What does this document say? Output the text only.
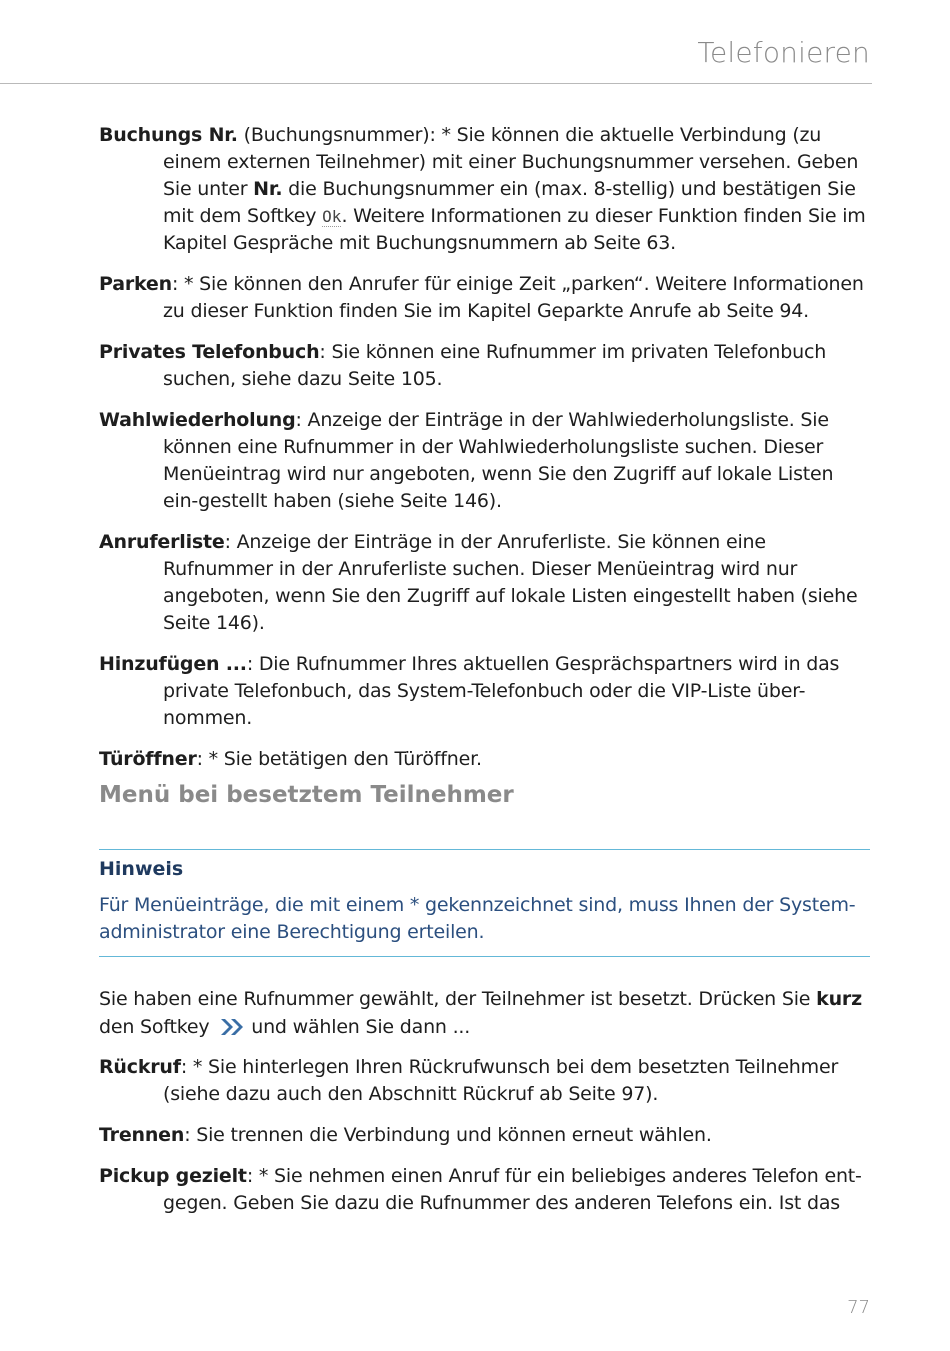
Telefonieren

Buchungs Nr. (Buchungsnummer): * Sie können die aktuelle Verbindung (zu einem externen Teilnehmer) mit einer Buchungsnummer versehen. Geben Sie unter Nr. die Buchungsnummer ein (max. 8-stellig) und bestätigen Sie mit dem Softkey Ok. Weitere Informationen zu dieser Funktion finden Sie im Kapitel Gespräche mit Buchungsnummern ab Seite 63.

Parken: * Sie können den Anrufer für einige Zeit „parken“. Weitere Informationen zu dieser Funktion finden Sie im Kapitel Geparkte Anrufe ab Seite 94.

Privates Telefonbuch: Sie können eine Rufnummer im privaten Telefonbuch suchen, siehe dazu Seite 105.

Wahlwiederholung: Anzeige der Einträge in der Wahlwiederholungsliste. Sie können eine Rufnummer in der Wahlwiederholungsliste suchen. Dieser Menüeintrag wird nur angeboten, wenn Sie den Zugriff auf lokale Listen ein-gestellt haben (siehe Seite 146).

Anruferliste: Anzeige der Einträge in der Anruferliste. Sie können eine Rufnummer in der Anruferliste suchen. Dieser Menüeintrag wird nur angeboten, wenn Sie den Zugriff auf lokale Listen eingestellt haben (siehe Seite 146).

Hinzufügen ...: Die Rufnummer Ihres aktuellen Gesprächspartners wird in das private Telefonbuch, das System-Telefonbuch oder die VIP-Liste über-nommen.

Türöffner: * Sie betätigen den Türöffner.

Menü bei besetztem Teilnehmer
Hinweis

Für Menüeinträge, die mit einem * gekennzeichnet sind, muss Ihnen der System-administrator eine Berechtigung erteilen.

Sie haben eine Rufnummer gewählt, der Teilnehmer ist besetzt. Drücken Sie kurz den Softkey und wählen Sie dann ...

Rückruf: * Sie hinterlegen Ihren Rückrufwunsch bei dem besetzten Teilnehmer (siehe dazu auch den Abschnitt Rückruf ab Seite 97).

Trennen: Sie trennen die Verbindung und können erneut wählen.

Pickup gezielt: * Sie nehmen einen Anruf für ein beliebiges anderes Telefon ent-gegen. Geben Sie dazu die Rufnummer des anderen Telefons ein. Ist das

77
